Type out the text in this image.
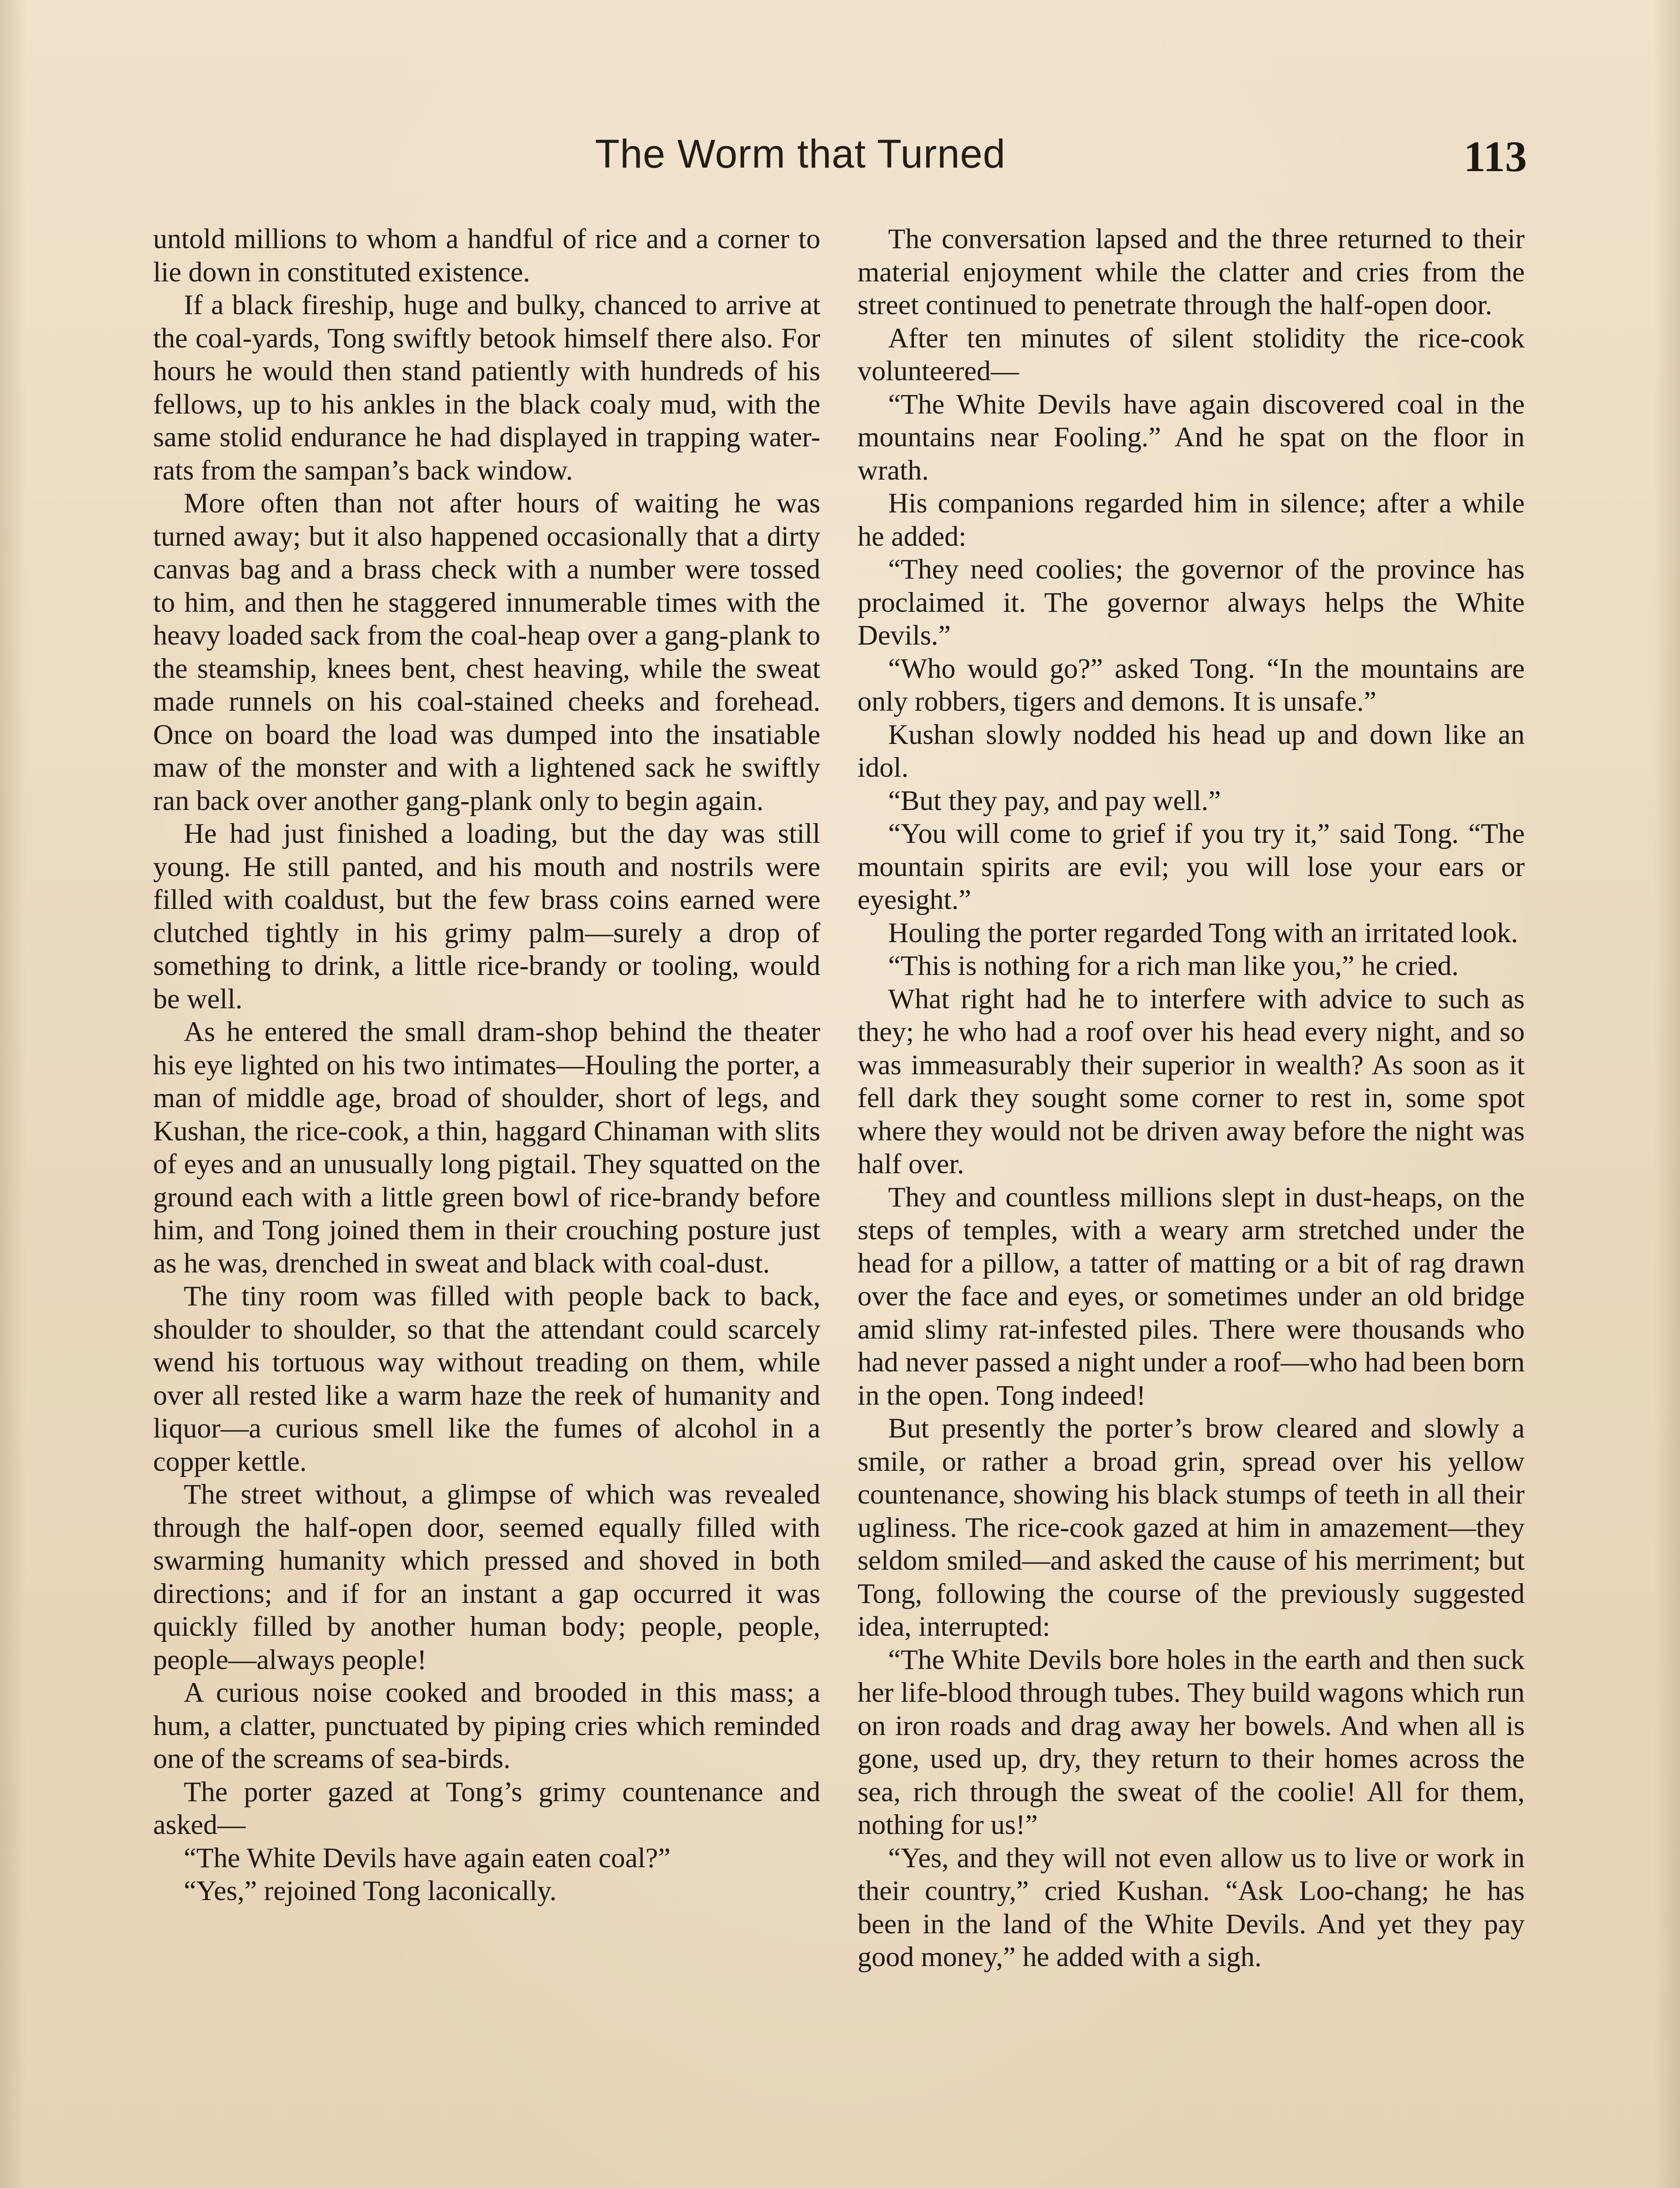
The Worm that Turned	113

untold millions to whom a handful of rice and a corner to lie down in constituted existence.

If a black fireship, huge and bulky, chanced to arrive at the coal-yards, Tong swiftly betook himself there also. For hours he would then stand patiently with hundreds of his fellows, up to his ankles in the black coaly mud, with the same stolid endurance he had displayed in trapping water-rats from the sampan’s back window.

More often than not after hours of waiting he was turned away; but it also happened occasionally that a dirty canvas bag and a brass check with a number were tossed to him, and then he staggered innumerable times with the heavy loaded sack from the coal-heap over a gang-plank to the steamship, knees bent, chest heaving, while the sweat made runnels on his coal-stained cheeks and forehead. Once on board the load was dumped into the insatiable maw of the monster and with a lightened sack he swiftly ran back over another gang-plank only to begin again.

He had just finished a loading, but the day was still young. He still panted, and his mouth and nostrils were filled with coaldust, but the few brass coins earned were clutched tightly in his grimy palm—surely a drop of something to drink, a little rice-brandy or tooling, would be well.

As he entered the small dram-shop behind the theater his eye lighted on his two intimates—Houling the porter, a man of middle age, broad of shoulder, short of legs, and Kushan, the rice-cook, a thin, haggard Chinaman with slits of eyes and an unusually long pigtail. They squatted on the ground each with a little green bowl of rice-brandy before him, and Tong joined them in their crouching posture just as he was, drenched in sweat and black with coal-dust.

The tiny room was filled with people back to back, shoulder to shoulder, so that the attendant could scarcely wend his tortuous way without treading on them, while over all rested like a warm haze the reek of humanity and liquor—a curious smell like the fumes of alcohol in a copper kettle.

The street without, a glimpse of which was revealed through the half-open door, seemed equally filled with swarming humanity which pressed and shoved in both directions; and if for an instant a gap occurred it was quickly filled by another human body; people, people, people—always people!

A curious noise cooked and brooded in this mass; a hum, a clatter, punctuated by piping cries which reminded one of the screams of sea-birds.

The porter gazed at Tong’s grimy countenance and asked—

“The White Devils have again eaten coal?”

“Yes,” rejoined Tong laconically.

The conversation lapsed and the three returned to their material enjoyment while the clatter and cries from the street continued to penetrate through the half-open door.

After ten minutes of silent stolidity the rice-cook volunteered—

“The White Devils have again discovered coal in the mountains near Fooling.” And he spat on the floor in wrath.

His companions regarded him in silence; after a while he added:

“They need coolies; the governor of the province has proclaimed it. The governor always helps the White Devils.”

“Who would go?” asked Tong. “In the mountains are only robbers, tigers and demons. It is unsafe.”

Kushan slowly nodded his head up and down like an idol.

“But they pay, and pay well.”

“You will come to grief if you try it,” said Tong. “The mountain spirits are evil; you will lose your ears or eyesight.”

Houling the porter regarded Tong with an irritated look.

“This is nothing for a rich man like you,” he cried.

What right had he to interfere with advice to such as they; he who had a roof over his head every night, and so was immeasurably their superior in wealth? As soon as it fell dark they sought some corner to rest in, some spot where they would not be driven away before the night was half over.

They and countless millions slept in dust-heaps, on the steps of temples, with a weary arm stretched under the head for a pillow, a tatter of matting or a bit of rag drawn over the face and eyes, or sometimes under an old bridge amid slimy rat-infested piles. There were thousands who had never passed a night under a roof—who had been born in the open. Tong indeed!

But presently the porter’s brow cleared and slowly a smile, or rather a broad grin, spread over his yellow countenance, showing his black stumps of teeth in all their ugliness. The rice-cook gazed at him in amazement—they seldom smiled—and asked the cause of his merriment; but Tong, following the course of the previously suggested idea, interrupted:

“The White Devils bore holes in the earth and then suck her life-blood through tubes. They build wagons which run on iron roads and drag away her bowels. And when all is gone, used up, dry, they return to their homes across the sea, rich through the sweat of the coolie! All for them, nothing for us!”

“Yes, and they will not even allow us to live or work in their country,” cried Kushan. “Ask Loo-chang; he has been in the land of the White Devils. And yet they pay good money,” he added with a sigh.
